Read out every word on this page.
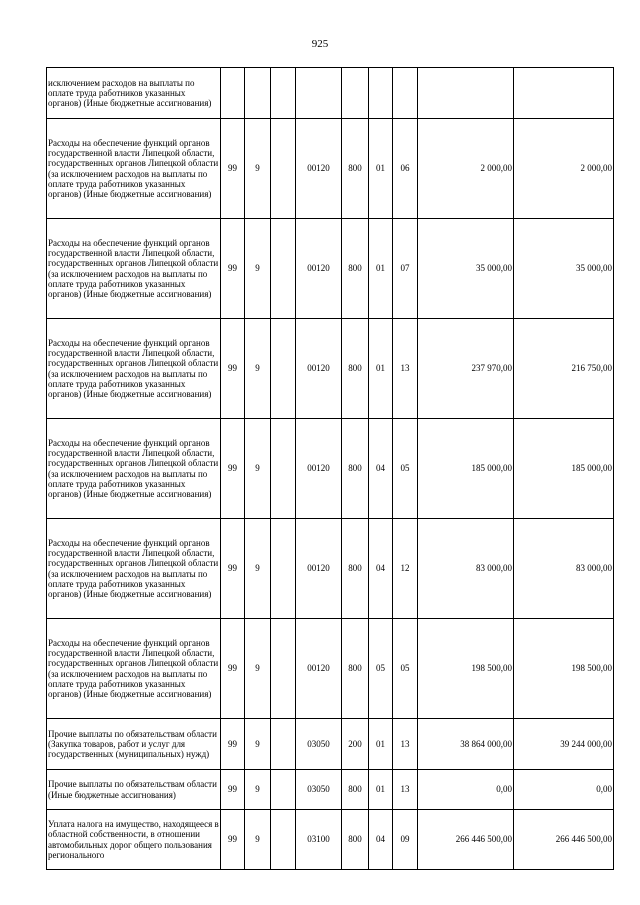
925
исключением расходов на выплаты по оплате труда работников указанных органов) (Иные бюджетные ассигнования)									
Расходы на обеспечение функций органов государственной власти Липецкой области, государственных органов Липецкой области (за исключением расходов на выплаты по оплате труда работников указанных органов) (Иные бюджетные ассигнования)	99	9		00120	800	01	06	2 000,00	2 000,00
Расходы на обеспечение функций органов государственной власти Липецкой области, государственных органов Липецкой области (за исключением расходов на выплаты по оплате труда работников указанных органов) (Иные бюджетные ассигнования)	99	9		00120	800	01	07	35 000,00	35 000,00
Расходы на обеспечение функций органов государственной власти Липецкой области, государственных органов Липецкой области (за исключением расходов на выплаты по оплате труда работников указанных органов) (Иные бюджетные ассигнования)	99	9		00120	800	01	13	237 970,00	216 750,00
Расходы на обеспечение функций органов государственной власти Липецкой области, государственных органов Липецкой области (за исключением расходов на выплаты по оплате труда работников указанных органов) (Иные бюджетные ассигнования)	99	9		00120	800	04	05	185 000,00	185 000,00
Расходы на обеспечение функций органов государственной власти Липецкой области, государственных органов Липецкой области (за исключением расходов на выплаты по оплате труда работников указанных органов) (Иные бюджетные ассигнования)	99	9		00120	800	04	12	83 000,00	83 000,00
Расходы на обеспечение функций органов государственной власти Липецкой области, государственных органов Липецкой области (за исключением расходов на выплаты по оплате труда работников указанных органов) (Иные бюджетные ассигнования)	99	9		00120	800	05	05	198 500,00	198 500,00
Прочие выплаты по обязательствам области (Закупка товаров, работ и услуг для государственных (муниципальных) нужд)	99	9		03050	200	01	13	38 864 000,00	39 244 000,00
Прочие выплаты по обязательствам области (Иные бюджетные ассигнования)	99	9		03050	800	01	13	0,00	0,00
Уплата налога на имущество, находящееся в областной собственности, в отношении автомобильных дорог общего пользования регионального	99	9		03100	800	04	09	266 446 500,00	266 446 500,00
